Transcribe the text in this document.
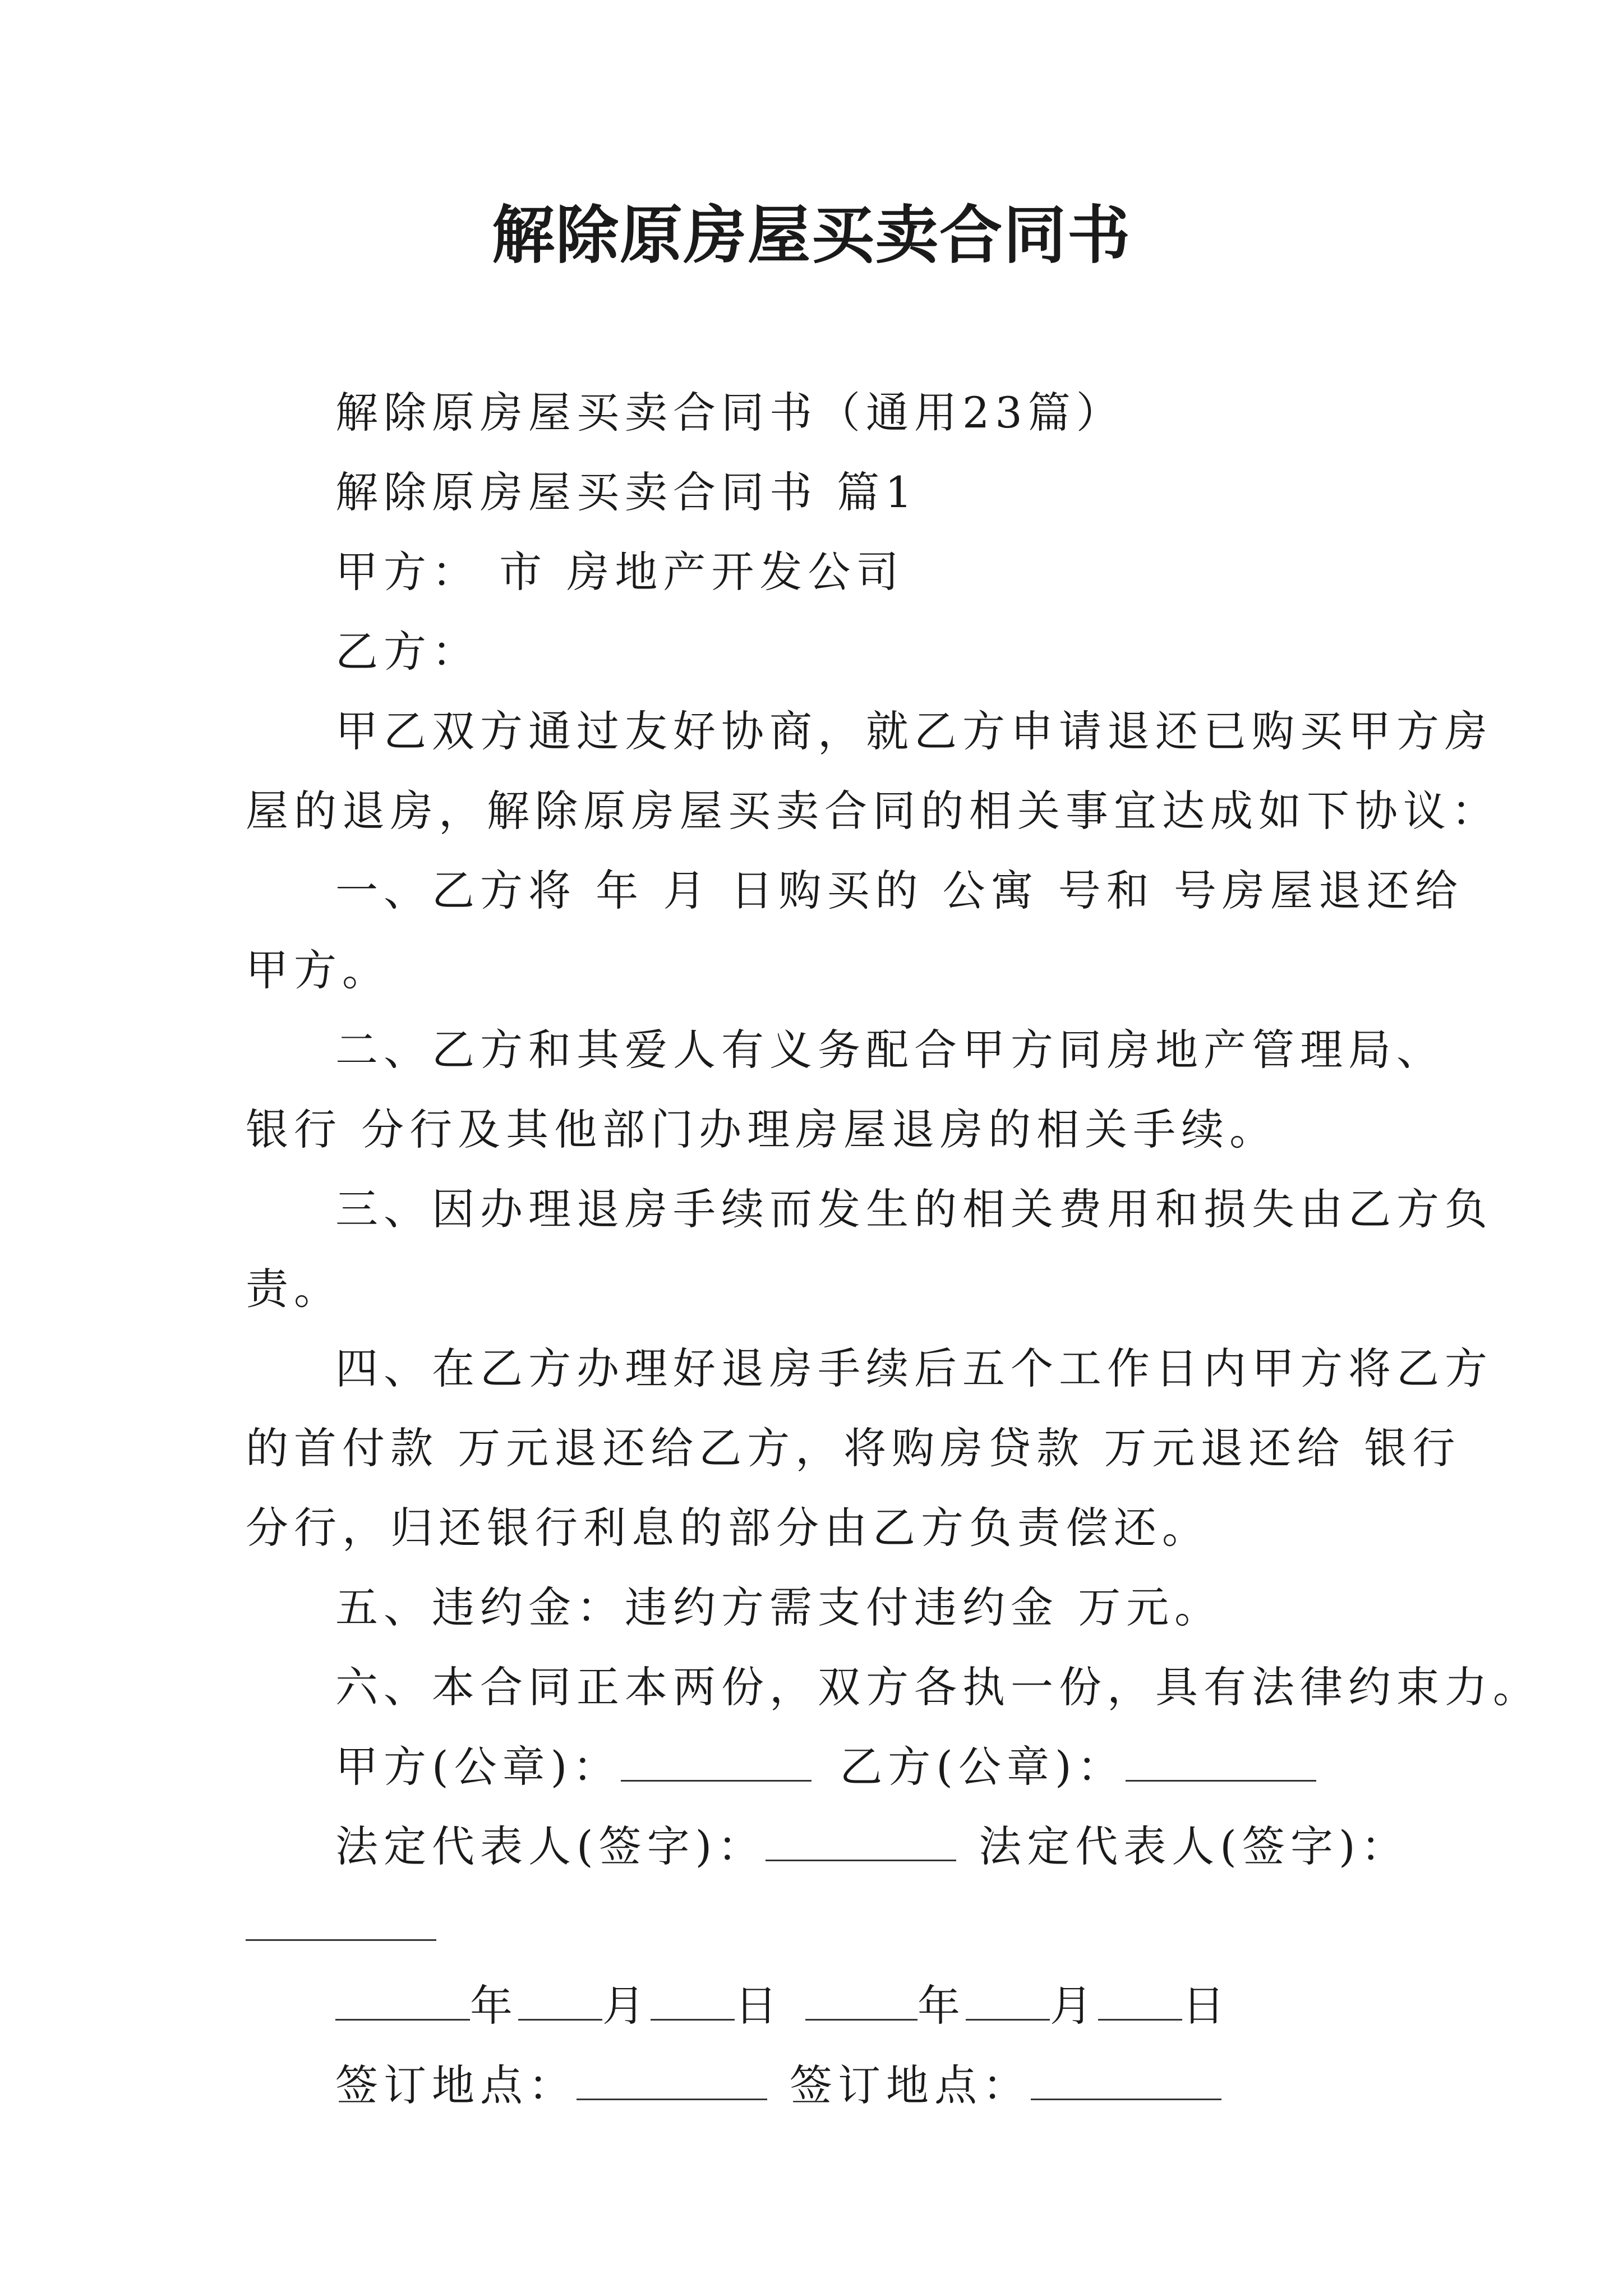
解除原房屋买卖合同书
解除原房屋买卖合同书（通用23篇）
解除原房屋买卖合同书 篇1
甲方： 市 房地产开发公司
乙方：
甲乙双方通过友好协商，就乙方申请退还已购买甲方房
屋的退房，解除原房屋买卖合同的相关事宜达成如下协议：
一、乙方将 年 月 日购买的 公寓 号和 号房屋退还给
甲方。
二、乙方和其爱人有义务配合甲方同房地产管理局、
银行 分行及其他部门办理房屋退房的相关手续。
三、因办理退房手续而发生的相关费用和损失由乙方负
责。
四、在乙方办理好退房手续后五个工作日内甲方将乙方
的首付款 万元退还给乙方，将购房贷款 万元退还给 银行
分行，归还银行利息的部分由乙方负责偿还。
五、违约金：违约方需支付违约金 万元。
六、本合同正本两份，双方各执一份，具有法律约束力。
甲方(公章)：	乙方(公章)：
法定代表人(签字)：	法定代表人(签字)：
年 月 日	年 月 日
签订地点：	签订地点：
